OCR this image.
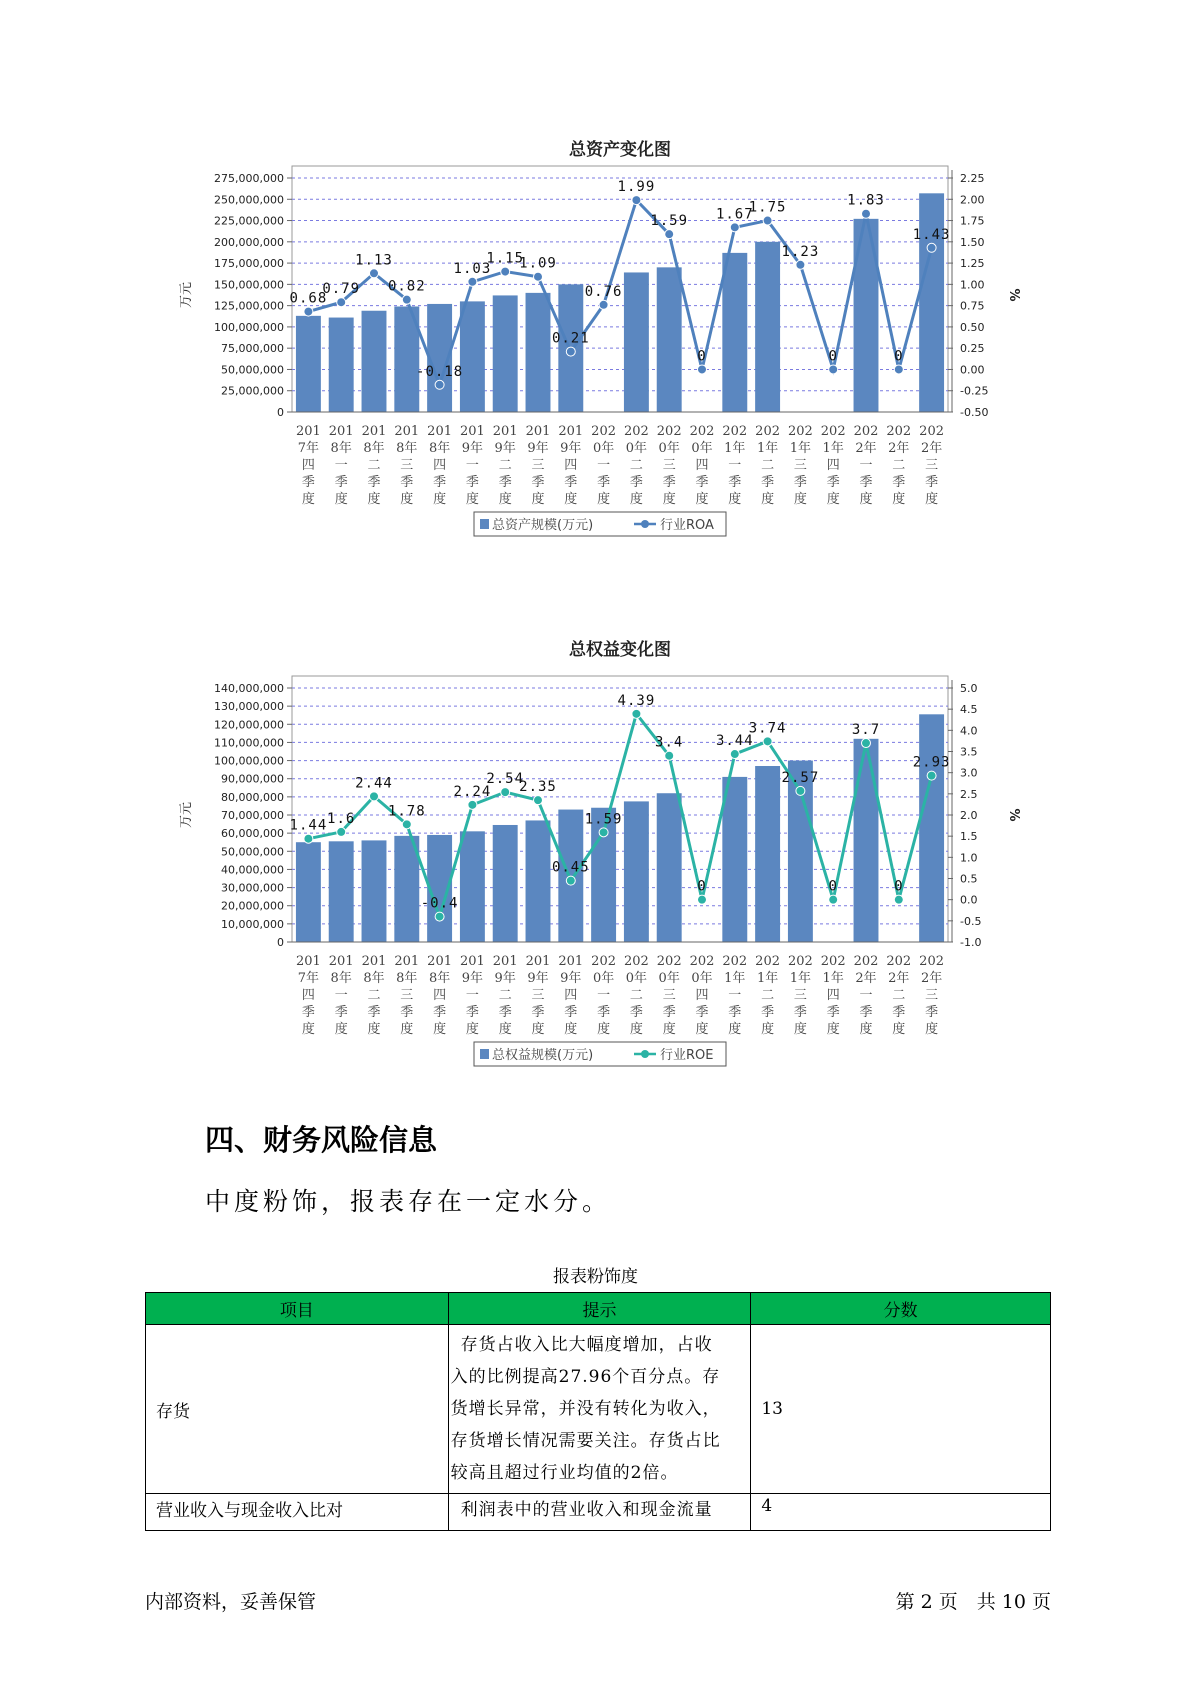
总资产变化图
275,000,000
250,000,000
225,000,000
200,000,000
175,000,000
150,000,000
125,000,000
100,000,000
75,000,000
50,000,000
25,000,000
0
2.25
2.00
1.75
1.50
1.25
1.00
0.75
0.50
0.25
0.00
-0.25
-0.50
万元	%
0.68
0.79
1.13
0.82
-0.18
1.03
1.15
1.09
0.21
0.76
1.99
1.59
0
1.67
1.75
1.23
0
1.83
0
1.43
201
7年
四
季
度
201
8年
一
季
度
201
8年
二
季
度
201
8年
三
季
度
201
8年
四
季
度
201
9年
一
季
度
201
9年
二
季
度
201
9年
三
季
度
201
9年
四
季
度
202
0年
一
季
度
202
0年
二
季
度
202
0年
三
季
度
202
0年
四
季
度
202
1年
一
季
度
202
1年
二
季
度
202
1年
三
季
度
202
1年
四
季
度
202
2年
一
季
度
202
2年
二
季
度
202
2年
三
季
度
总资产规模(万元)	行业ROA
总权益变化图
140,000,000
130,000,000
120,000,000
110,000,000
100,000,000
90,000,000
80,000,000
70,000,000
60,000,000
50,000,000
40,000,000
30,000,000
20,000,000
10,000,000
0
5.0
4.5
4.0
3.5
3.0
2.5
2.0
1.5
1.0
0.5
0.0
-0.5
-1.0
万元	%
1.44 1.6
2.44
1.78
-0.4
2.24
2.54
2.35
0.45
1.59
4.39
3.4
0
3.44
3.74
2.57
0
3.7
0
2.93
201
7年
四
季
度
201
8年
一
季
度
201
8年
二
季
度
201
8年
三
季
度
201
8年
四
季
度
201
9年
一
季
度
201
9年
二
季
度
201
9年
三
季
度
201
9年
四
季
度
202
0年
一
季
度
202
0年
二
季
度
202
0年
三
季
度
202
0年
四
季
度
202
1年
一
季
度
202
1年
二
季
度
202
1年
三
季
度
202
1年
四
季
度
202
2年
一
季
度
202
2年
二
季
度
202
2年
三
季
度
总权益规模(万元)	行业ROE
四、财务风险信息

中度粉饰，报表存在一定水分。

报表粉饰度
项目	提示	分数
存货	存货占收入比大幅度增加，占收
入的比例提高27.96个百分点。存
货增长异常，并没有转化为收入，
存货增长情况需要关注。存货占比
较高且超过行业均值的2倍。	13
营业收入与现金收入比对	利润表中的营业收入和现金流量	4
内部资料，妥善保管	第 2 页　共 10 页
